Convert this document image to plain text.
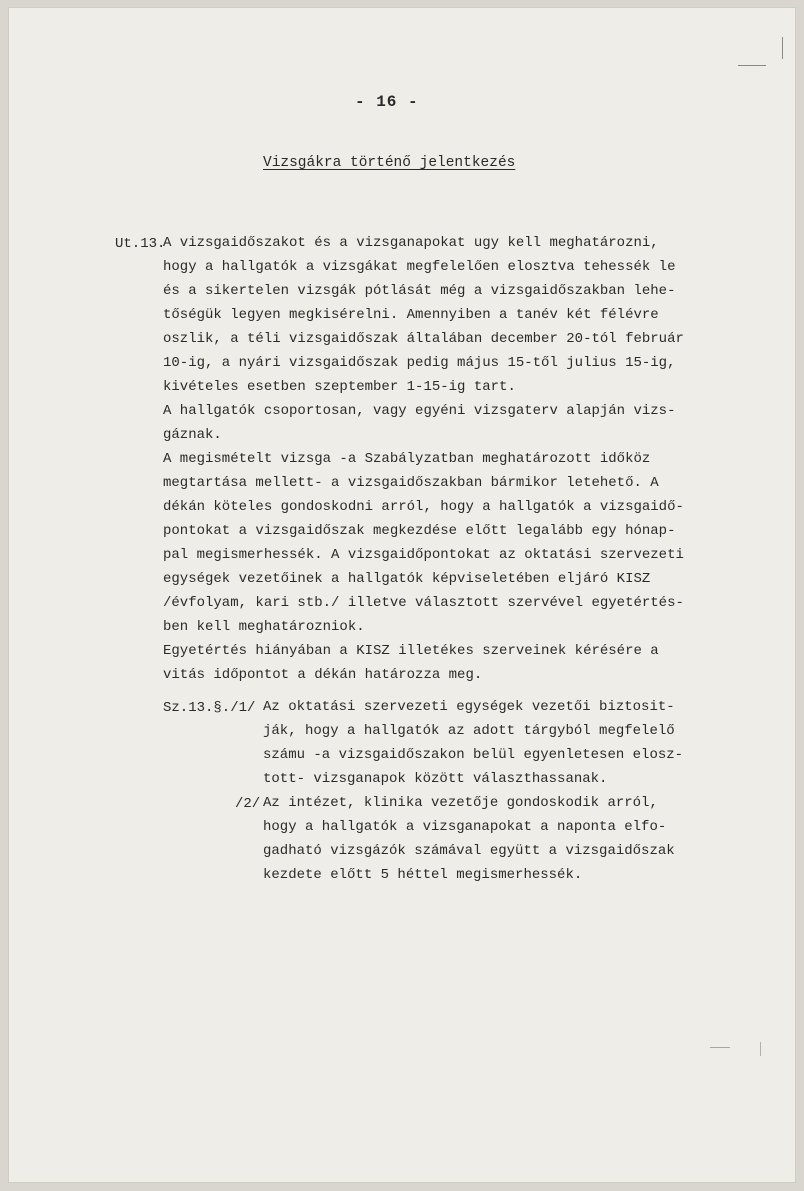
- 16 -
Vizsgákra történő jelentkezés
Ut.13.
A vizsgaidőszakot és a vizsganapokat ugy kell meghatározni,
hogy a hallgatók a vizsgákat megfelelően elosztva tehessék le
és a sikertelen vizsgák pótlását még a vizsgaidőszakban lehe-
tőségük legyen megkisérelni. Amennyiben a tanév két félévre
oszlik, a téli vizsgaidőszak általában december 20-tól február
10-ig, a nyári vizsgaidőszak pedig május 15-től julius 15-ig,
kivételes esetben szeptember 1-15-ig tart.
A hallgatók csoportosan, vagy egyéni vizsgaterv alapján vizs-
gáznak.
A megismételt vizsga -a Szabályzatban meghatározott időköz
megtartása mellett- a vizsgaidőszakban bármikor letehető. A
dékán köteles gondoskodni arról, hogy a hallgatók a vizsgaidő-
pontokat a vizsgaidőszak megkezdése előtt legalább egy hónap-
pal megismerhessék. A vizsgaidőpontokat az oktatási szervezeti
egységek vezetőinek a hallgatók képviseletében eljáró KISZ
/évfolyam, kari stb./ illetve választott szervével egyetértés-
ben kell meghatározniok.
Egyetértés hiányában a KISZ illetékes szerveinek kérésére a
vitás időpontot a dékán határozza meg.
Sz.13.§./1/ Az oktatási szervezeti egységek vezetői biztosit-
ják, hogy a hallgatók az adott tárgyból megfelelő
számu -a vizsgaidőszakon belül egyenletesen elosz-
tott- vizsganapok között választhassanak.
/2/ Az intézet, klinika vezetője gondoskodik arról,
hogy a hallgatók a vizsganapokat a naponta elfo-
gadható vizsgázók számával együtt a vizsgaidőszak
kezdete előtt 5 héttel megismerhessék.
